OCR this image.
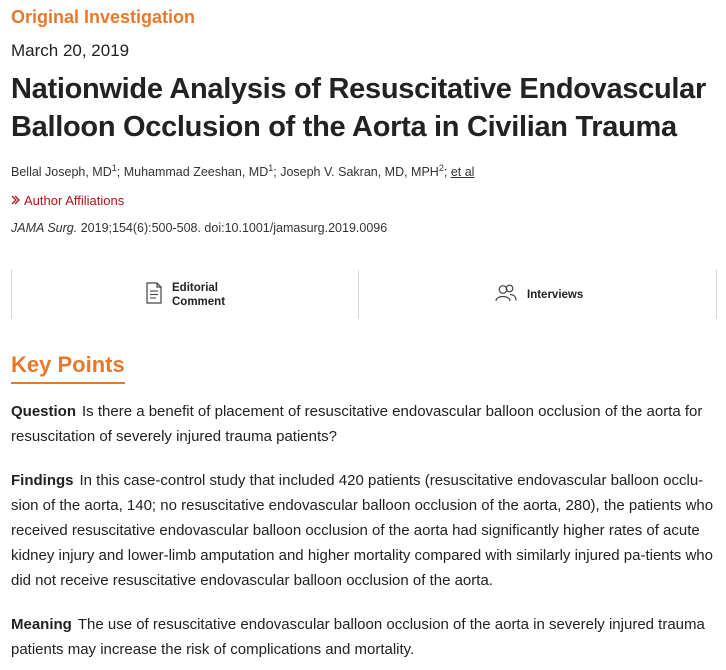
Original Investigation
March 20, 2019
Nationwide Analysis of Resuscitative Endovascular Balloon Occlusion of the Aorta in Civilian Trauma
Bellal Joseph, $MD^1$; Muhammad Zeeshan, $MD^1$; Joseph V. Sakran, MD, MPH$^2$; et al
Author Affiliations
JAMA Surg. 2019;154(6):500-508. doi:10.1001/jamasurg.2019.0096
Editorial
Comment
Interviews
Key Points

Question Is there a benefit of placement of resuscitative endovascular balloon occlusion of the aorta for resuscitation of severely injured trauma patients?

Findings In this case-control study that included 420 patients (resuscitative endovascular balloon occlu-sion of the aorta, 140; no resuscitative endovascular balloon occlusion of the aorta, 280), the patients who received resuscitative endovascular balloon occlusion of the aorta had significantly higher rates of acute kidney injury and lower-limb amputation and higher mortality compared with similarly injured pa-tients who did not receive resuscitative endovascular balloon occlusion of the aorta.

Meaning The use of resuscitative endovascular balloon occlusion of the aorta in severely injured trauma patients may increase the risk of complications and mortality.
